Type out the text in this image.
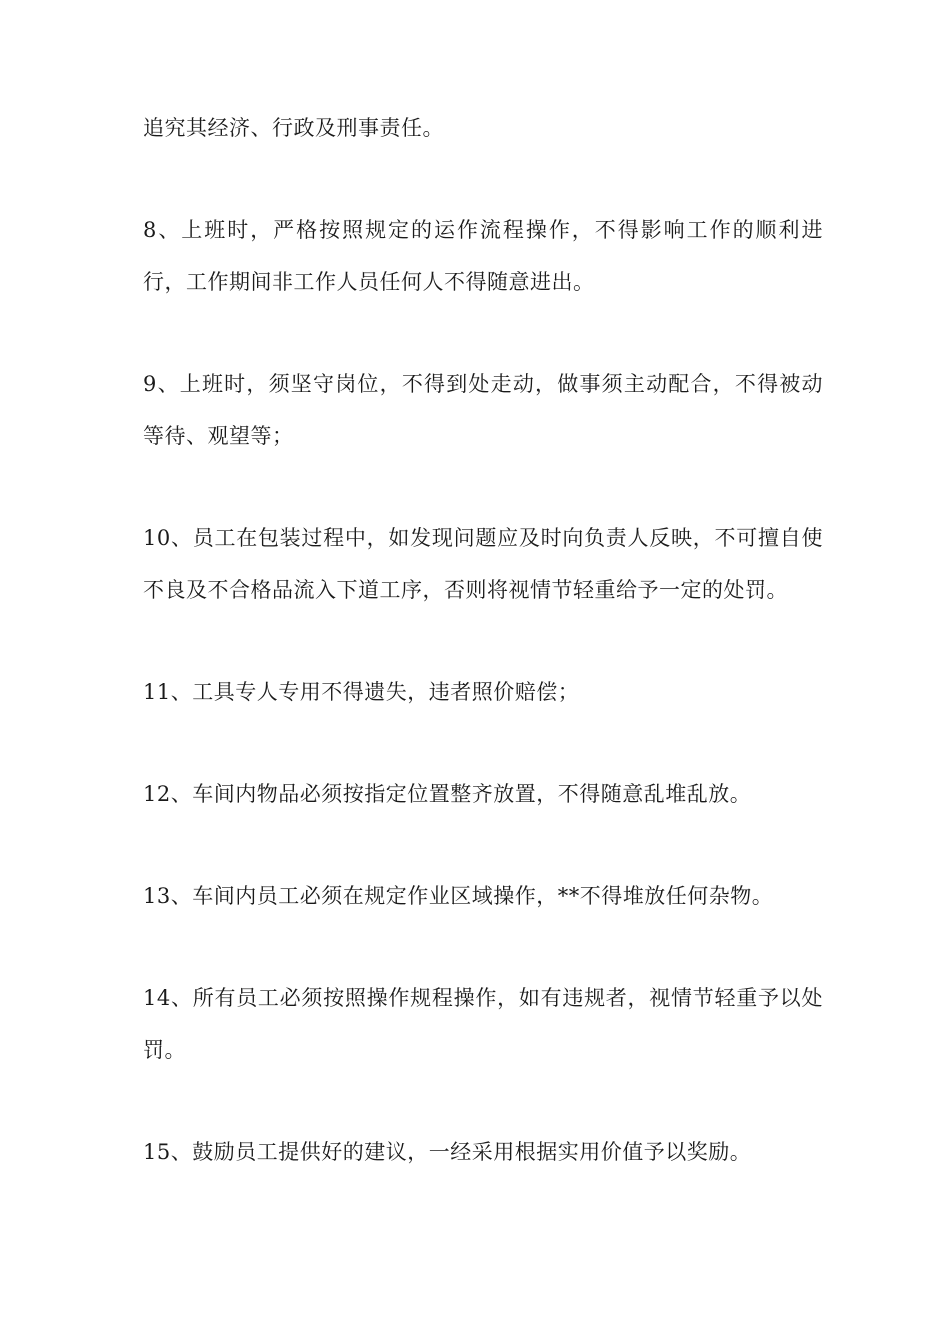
追究其经济、行政及刑事责任。

8、上班时，严格按照规定的运作流程操作，不得影响工作的顺利进行，工作期间非工作人员任何人不得随意进出。

9、上班时，须坚守岗位，不得到处走动，做事须主动配合，不得被动等待、观望等；

10、员工在包装过程中，如发现问题应及时向负责人反映，不可擅自使不良及不合格品流入下道工序，否则将视情节轻重给予一定的处罚。

11、工具专人专用不得遗失，违者照价赔偿；

12、车间内物品必须按指定位置整齐放置，不得随意乱堆乱放。

13、车间内员工必须在规定作业区域操作，**不得堆放任何杂物。

14、所有员工必须按照操作规程操作，如有违规者，视情节轻重予以处罚。

15、鼓励员工提供好的建议，一经采用根据实用价值予以奖励。
